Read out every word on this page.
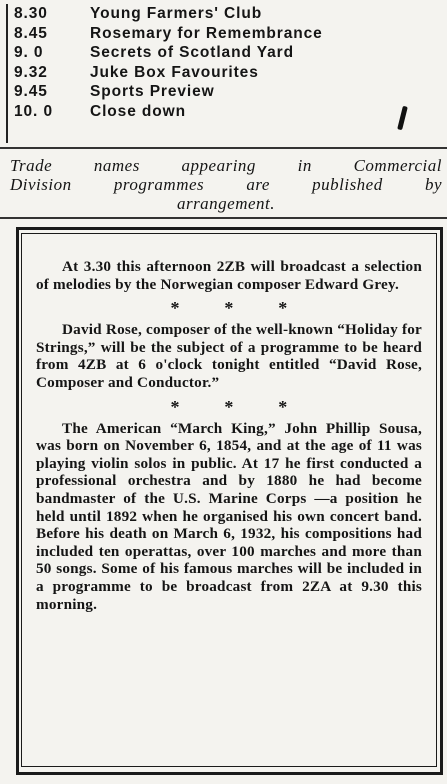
8.30	Young Farmers' Club
8.45	Rosemary for Remembrance
9. 0	Secrets of Scotland Yard
9.32	Juke Box Favourites
9.45	Sports Preview
10. 0 Close down

Trade names appearing in Commercial

Division programmes are published by

arrangement.

At 3.30 this afternoon 2ZB will broadcast a selection of melodies by the Norwegian composer Edward Grey.

* * *

David Rose, composer of the well-known “Holiday for Strings,” will be the subject of a programme to be heard from 4ZB at 6 o'clock tonight entitled “David Rose, Composer and Conductor.”

* * *

The American “March King,” John Phillip Sousa, was born on November 6, 1854, and at the age of 11 was playing violin solos in public. At 17 he first conducted a professional orchestra and by 1880 he had become bandmaster of the U.S. Marine Corps —a position he held until 1892 when he organised his own concert band. Before his death on March 6, 1932, his compositions had included ten operattas, over 100 marches and more than 50 songs. Some of his famous marches will be included in a programme to be broadcast from 2ZA at 9.30 this morning.
